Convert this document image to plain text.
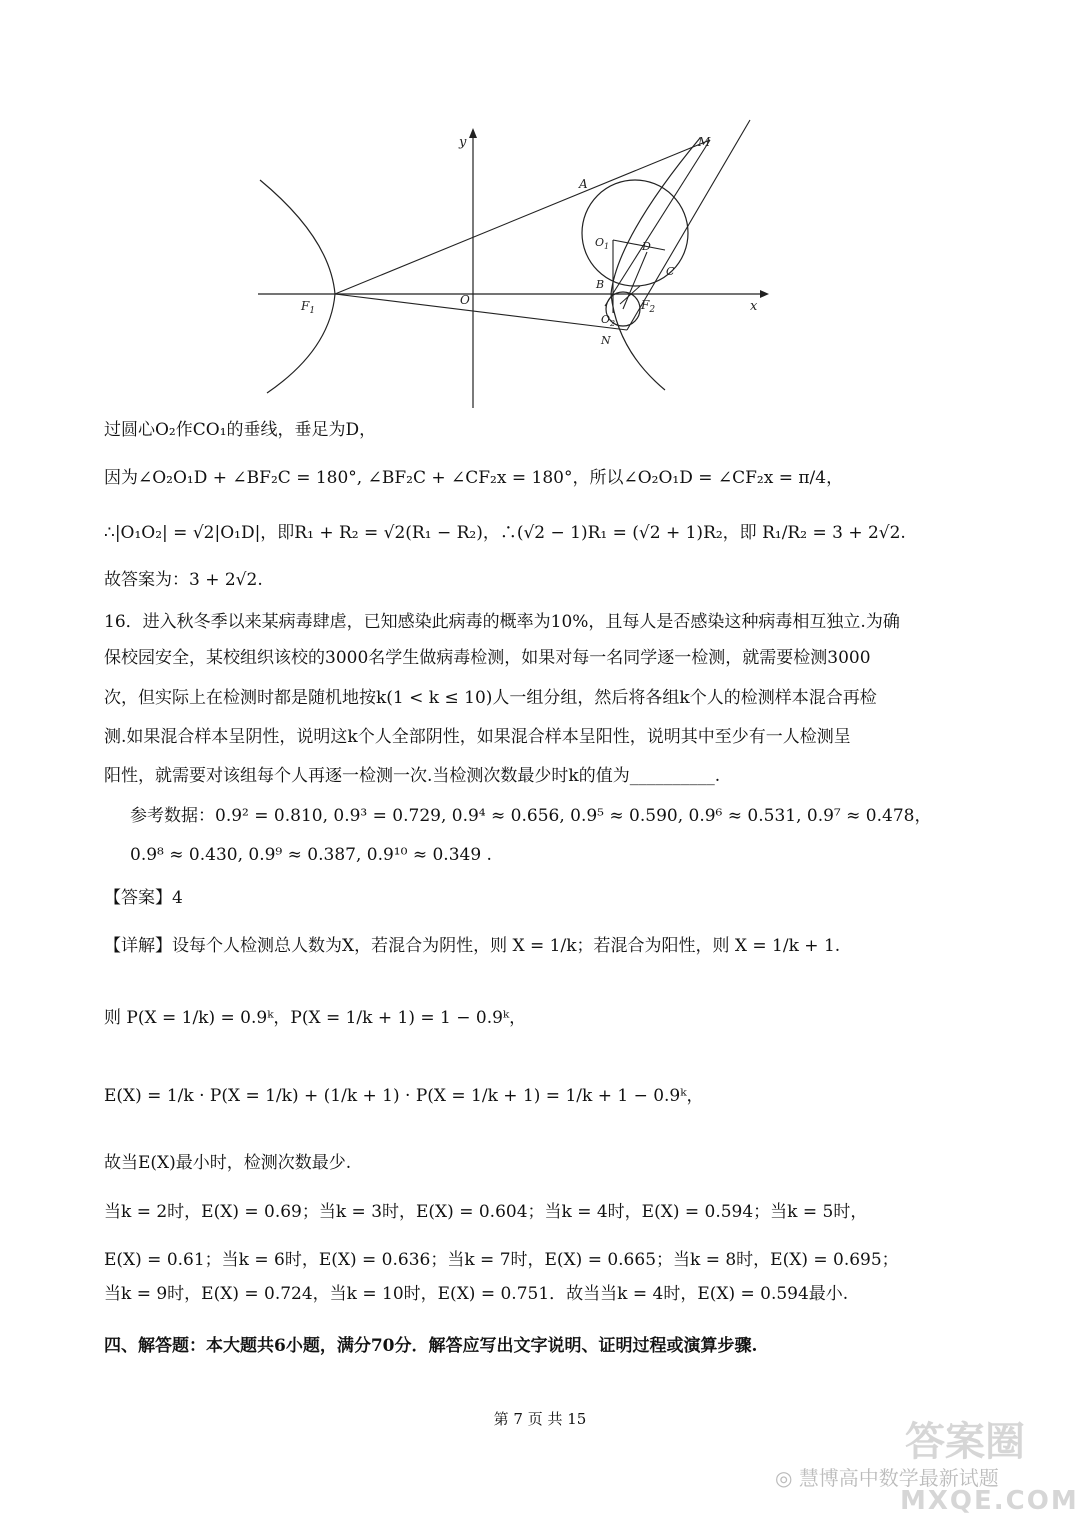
y
x
O
$F_1$	$F_2$
M
A
$O_1$	D
C
B
$O_2$
N
过圆心O₂作CO₁的垂线，垂足为D，
因为∠O₂O₁D + ∠BF₂C = 180°, ∠BF₂C + ∠CF₂x = 180°，所以∠O₂O₁D = ∠CF₂x = π/4，
∴|O₁O₂| = √2|O₁D|，即R₁ + R₂ = √2(R₁ − R₂)，∴(√2 − 1)R₁ = (√2 + 1)R₂，即 R₁/R₂ = 3 + 2√2.
故答案为：3 + 2√2.
16．进入秋冬季以来某病毒肆虐，已知感染此病毒的概率为10%，且每人是否感染这种病毒相互独立.为确
保校园安全，某校组织该校的3000名学生做病毒检测，如果对每一名同学逐一检测，就需要检测3000
次，但实际上在检测时都是随机地按k(1 < k ≤ 10)人一组分组，然后将各组k个人的检测样本混合再检
测.如果混合样本呈阴性，说明这k个人全部阴性，如果混合样本呈阳性，说明其中至少有一人检测呈
阳性，就需要对该组每个人再逐一检测一次.当检测次数最少时k的值为__________.
参考数据：0.9² = 0.810, 0.9³ = 0.729, 0.9⁴ ≈ 0.656, 0.9⁵ ≈ 0.590, 0.9⁶ ≈ 0.531, 0.9⁷ ≈ 0.478，
0.9⁸ ≈ 0.430, 0.9⁹ ≈ 0.387, 0.9¹⁰ ≈ 0.349 .
【答案】4
【详解】设每个人检测总人数为X，若混合为阴性，则 X = 1/k；若混合为阳性，则 X = 1/k + 1.
则 P(X = 1/k) = 0.9ᵏ，P(X = 1/k + 1) = 1 − 0.9ᵏ，
E(X) = 1/k · P(X = 1/k) + (1/k + 1) · P(X = 1/k + 1) = 1/k + 1 − 0.9ᵏ，
故当E(X)最小时，检测次数最少.
当k = 2时，E(X) = 0.69；当k = 3时，E(X) = 0.604；当k = 4时，E(X) = 0.594；当k = 5时，
E(X) = 0.61；当k = 6时，E(X) = 0.636；当k = 7时，E(X) = 0.665；当k = 8时，E(X) = 0.695；
当k = 9时，E(X) = 0.724，当k = 10时，E(X) = 0.751．故当当k = 4时，E(X) = 0.594最小.
四、解答题：本大题共6小题，满分70分．解答应写出文字说明、证明过程或演算步骤.
第 7 页 共 15	答案圈
◎ 慧博高中数学最新试题
MXQE.COM
